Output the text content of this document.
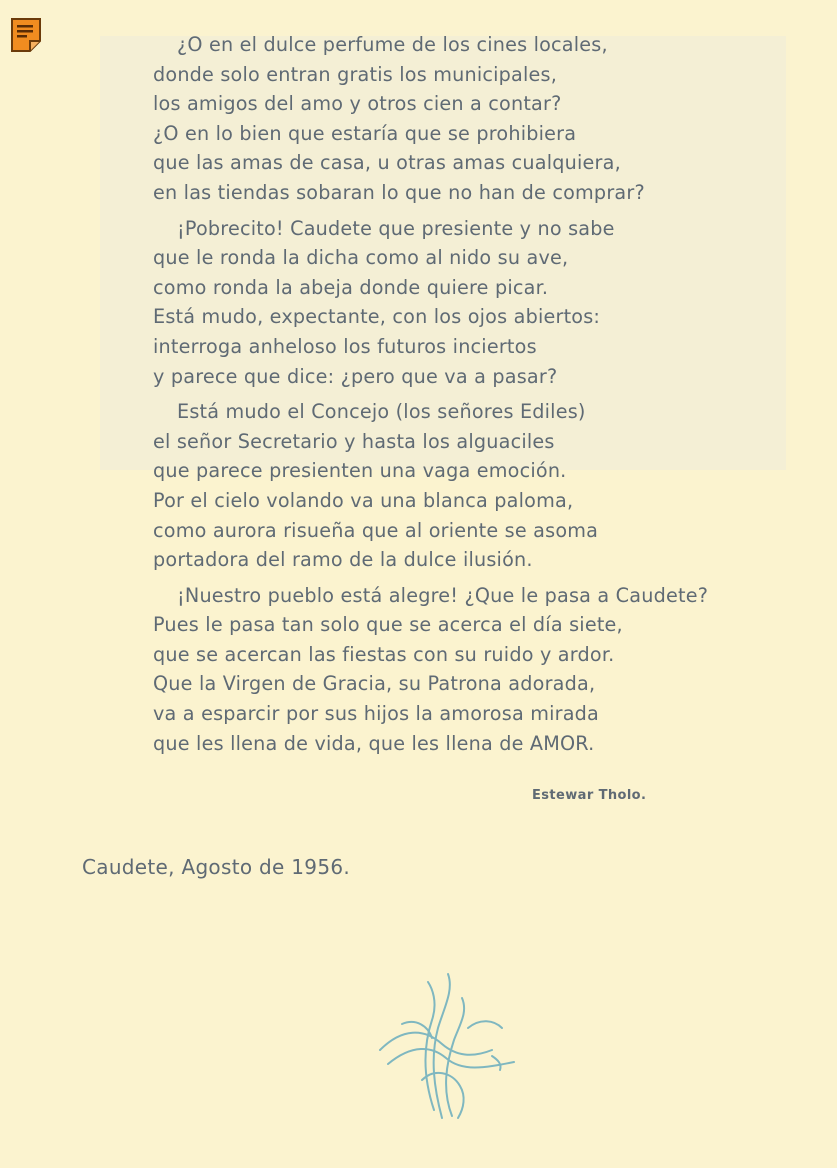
¿O en el dulce perfume de los cines locales,
donde solo entran gratis los municipales,
los amigos del amo y otros cien a contar?
¿O en lo bien que estaría que se prohibiera
que las amas de casa, u otras amas cualquiera,
en las tiendas sobaran lo que no han de comprar?
¡Pobrecito! Caudete que presiente y no sabe
que le ronda la dicha como al nido su ave,
como ronda la abeja donde quiere picar.
Está mudo, expectante, con los ojos abiertos:
interroga anheloso los futuros inciertos
y parece que dice: ¿pero que va a pasar?
Está mudo el Concejo (los señores Ediles)
el señor Secretario y hasta los alguaciles
que parece presienten una vaga emoción.
Por el cielo volando va una blanca paloma,
como aurora risueña que al oriente se asoma
portadora del ramo de la dulce ilusión.
¡Nuestro pueblo está alegre! ¿Que le pasa a Caudete?
Pues le pasa tan solo que se acerca el día siete,
que se acercan las fiestas con su ruido y ardor.
Que la Virgen de Gracia, su Patrona adorada,
va a esparcir por sus hijos la amorosa mirada
que les llena de vida, que les llena de AMOR.
Estewar Tholo.
Caudete, Agosto de 1956.
